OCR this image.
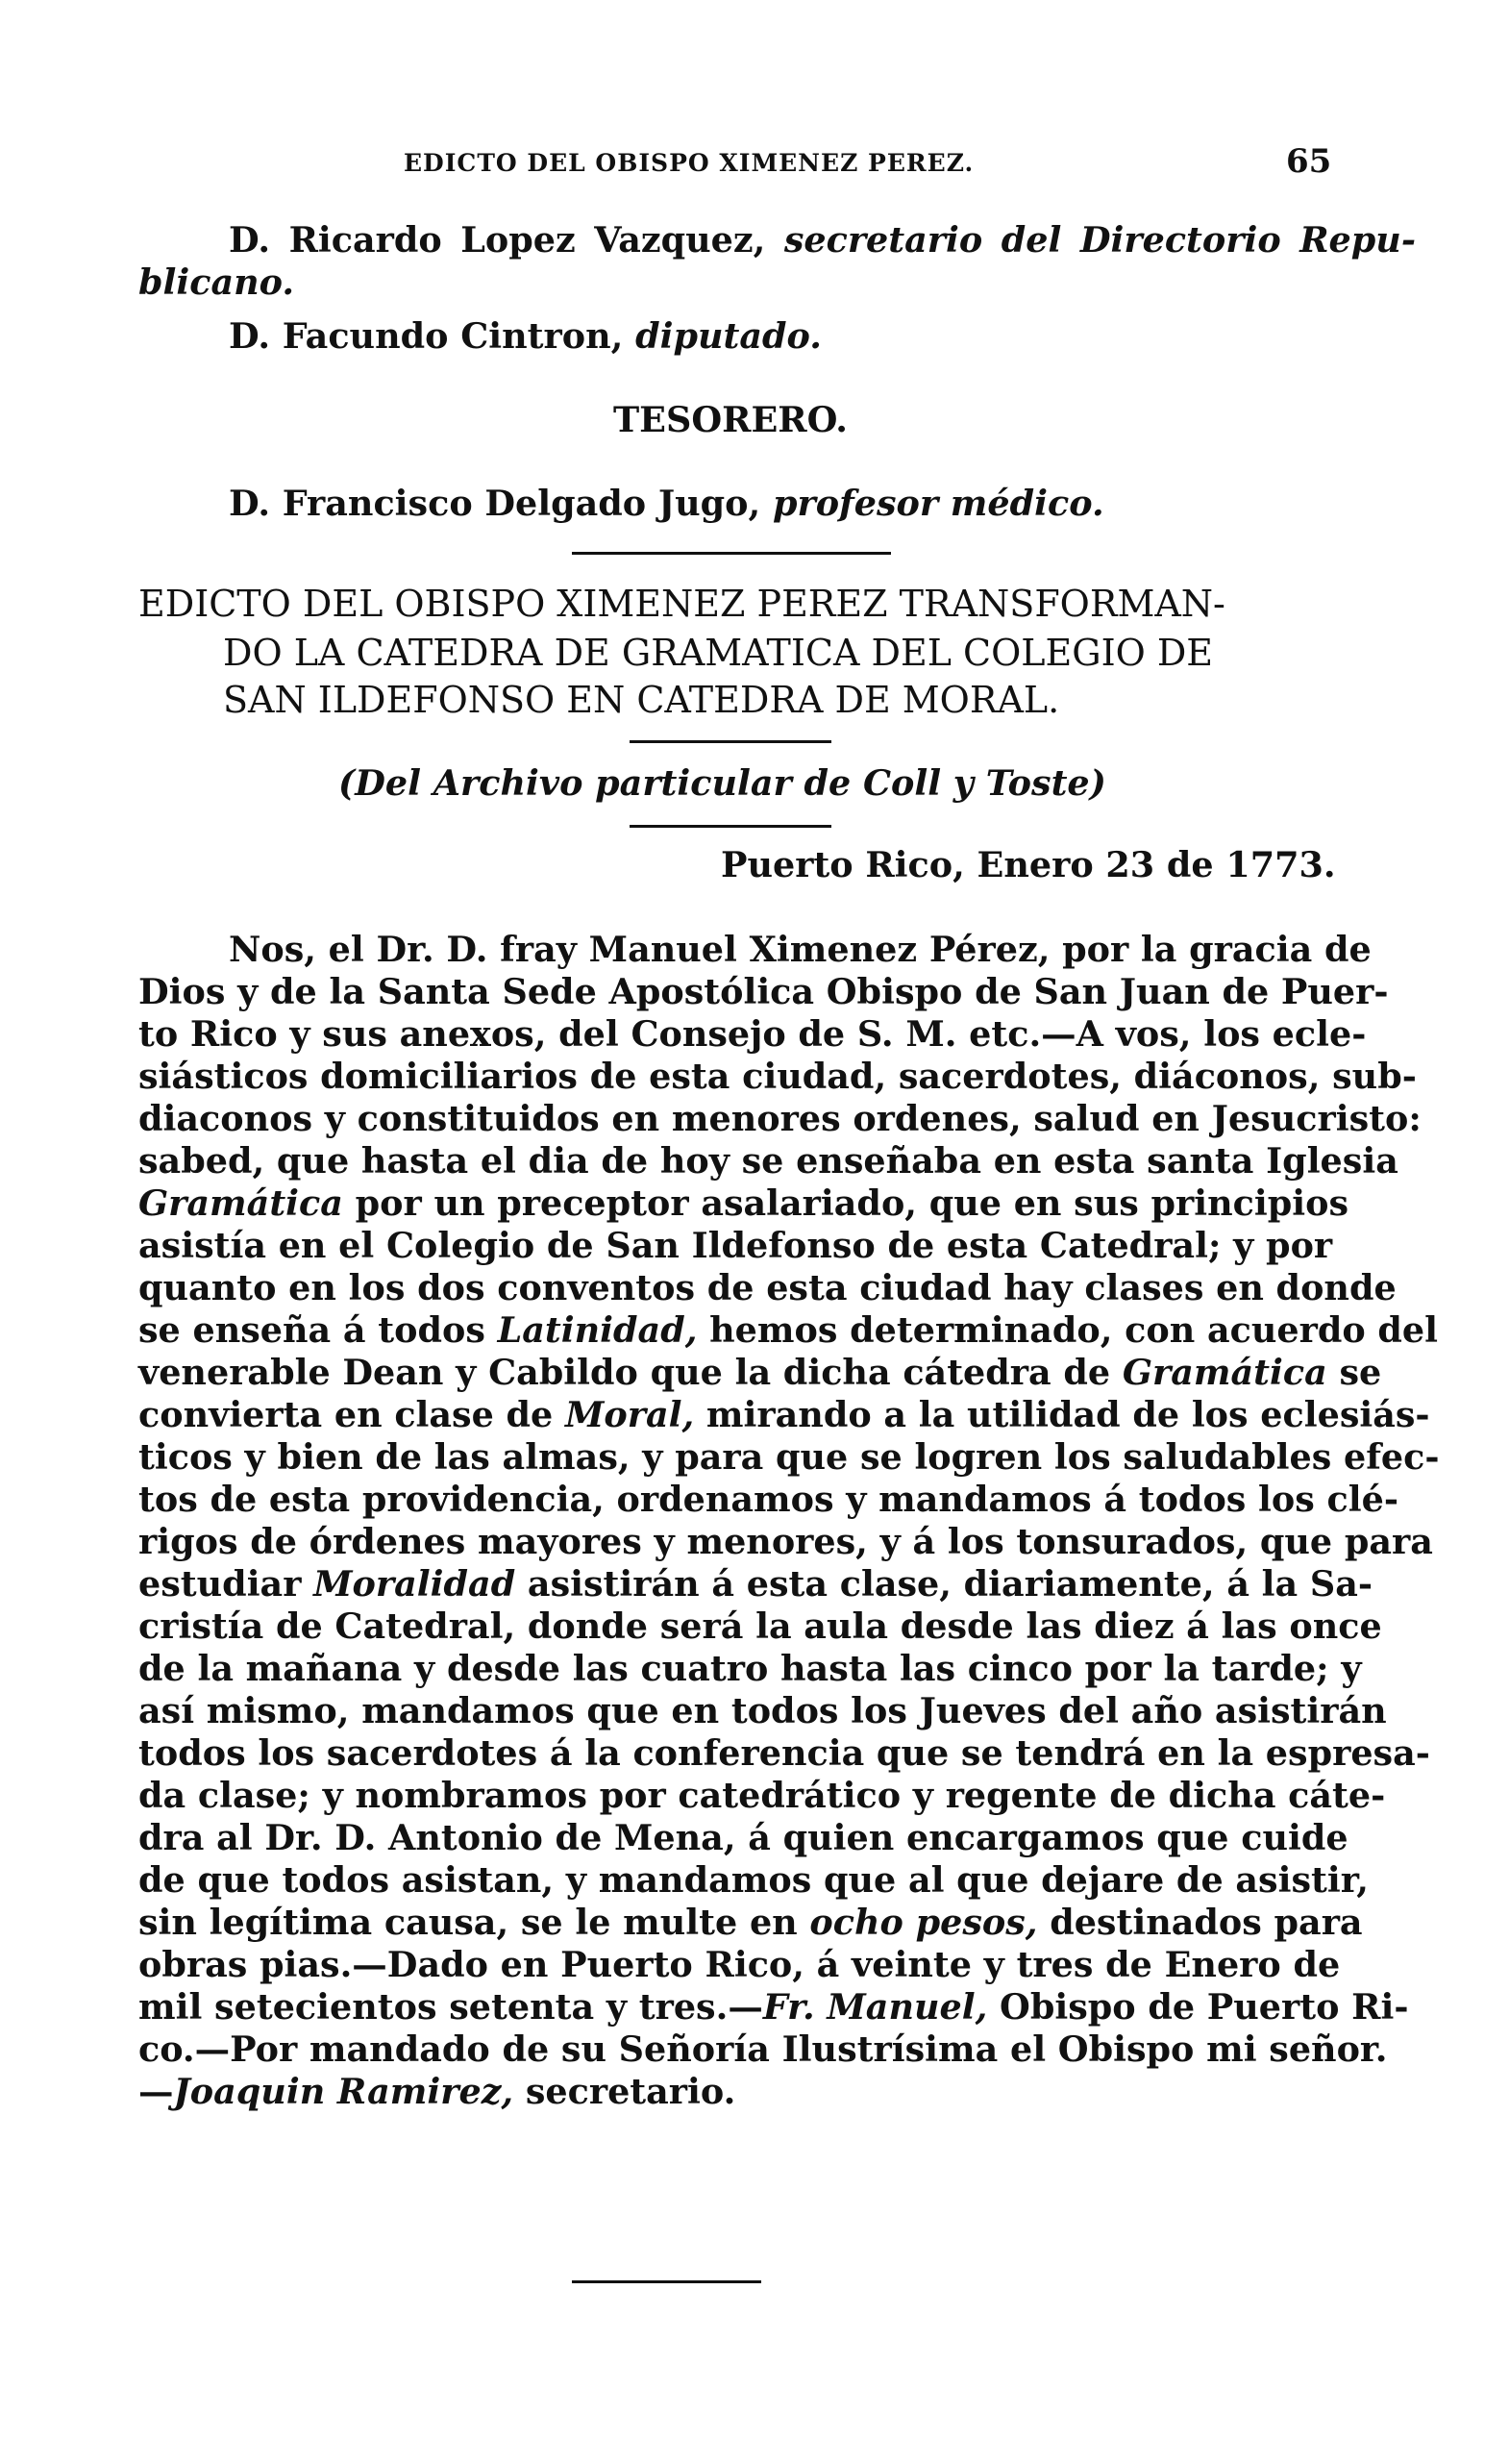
EDICTO DEL OBISPO XIMENEZ PEREZ.	65
D. Ricardo Lopez Vazquez, secretario del Directorio Repu-
blicano.
D. Facundo Cintron, diputado.
TESORERO.
D. Francisco Delgado Jugo, profesor médico.
EDICTO DEL OBISPO XIMENEZ PEREZ TRANSFORMAN-
DO LA CATEDRA DE GRAMATICA DEL COLEGIO DE
SAN ILDEFONSO EN CATEDRA DE MORAL.
(Del Archivo particular de Coll y Toste)
Puerto Rico, Enero 23 de 1773.
Nos, el Dr. D. fray Manuel Ximenez Pérez, por la gracia de
Dios y de la Santa Sede Apostólica Obispo de San Juan de Puer-
to Rico y sus anexos, del Consejo de S. M. etc.—A vos, los ecle-
siásticos domiciliarios de esta ciudad, sacerdotes, diáconos, sub-
diaconos y constituidos en menores ordenes, salud en Jesucristo:
sabed, que hasta el dia de hoy se enseñaba en esta santa Iglesia
Gramática por un preceptor asalariado, que en sus principios
asistía en el Colegio de San Ildefonso de esta Catedral; y por
quanto en los dos conventos de esta ciudad hay clases en donde
se enseña á todos Latinidad, hemos determinado, con acuerdo del
venerable Dean y Cabildo que la dicha cátedra de Gramática se
convierta en clase de Moral, mirando a la utilidad de los eclesiás-
ticos y bien de las almas, y para que se logren los saludables efec-
tos de esta providencia, ordenamos y mandamos á todos los clé-
rigos de órdenes mayores y menores, y á los tonsurados, que para
estudiar Moralidad asistirán á esta clase, diariamente, á la Sa-
cristía de Catedral, donde será la aula desde las diez á las once
de la mañana y desde las cuatro hasta las cinco por la tarde; y
así mismo, mandamos que en todos los Jueves del año asistirán
todos los sacerdotes á la conferencia que se tendrá en la espresa-
da clase; y nombramos por catedrático y regente de dicha cáte-
dra al Dr. D. Antonio de Mena, á quien encargamos que cuide
de que todos asistan, y mandamos que al que dejare de asistir,
sin legítima causa, se le multe en ocho pesos, destinados para
obras pias.—Dado en Puerto Rico, á veinte y tres de Enero de
mil setecientos setenta y tres.—Fr. Manuel, Obispo de Puerto Ri-
co.—Por mandado de su Señoría Ilustrísima el Obispo mi señor.
—Joaquin Ramirez, secretario.
